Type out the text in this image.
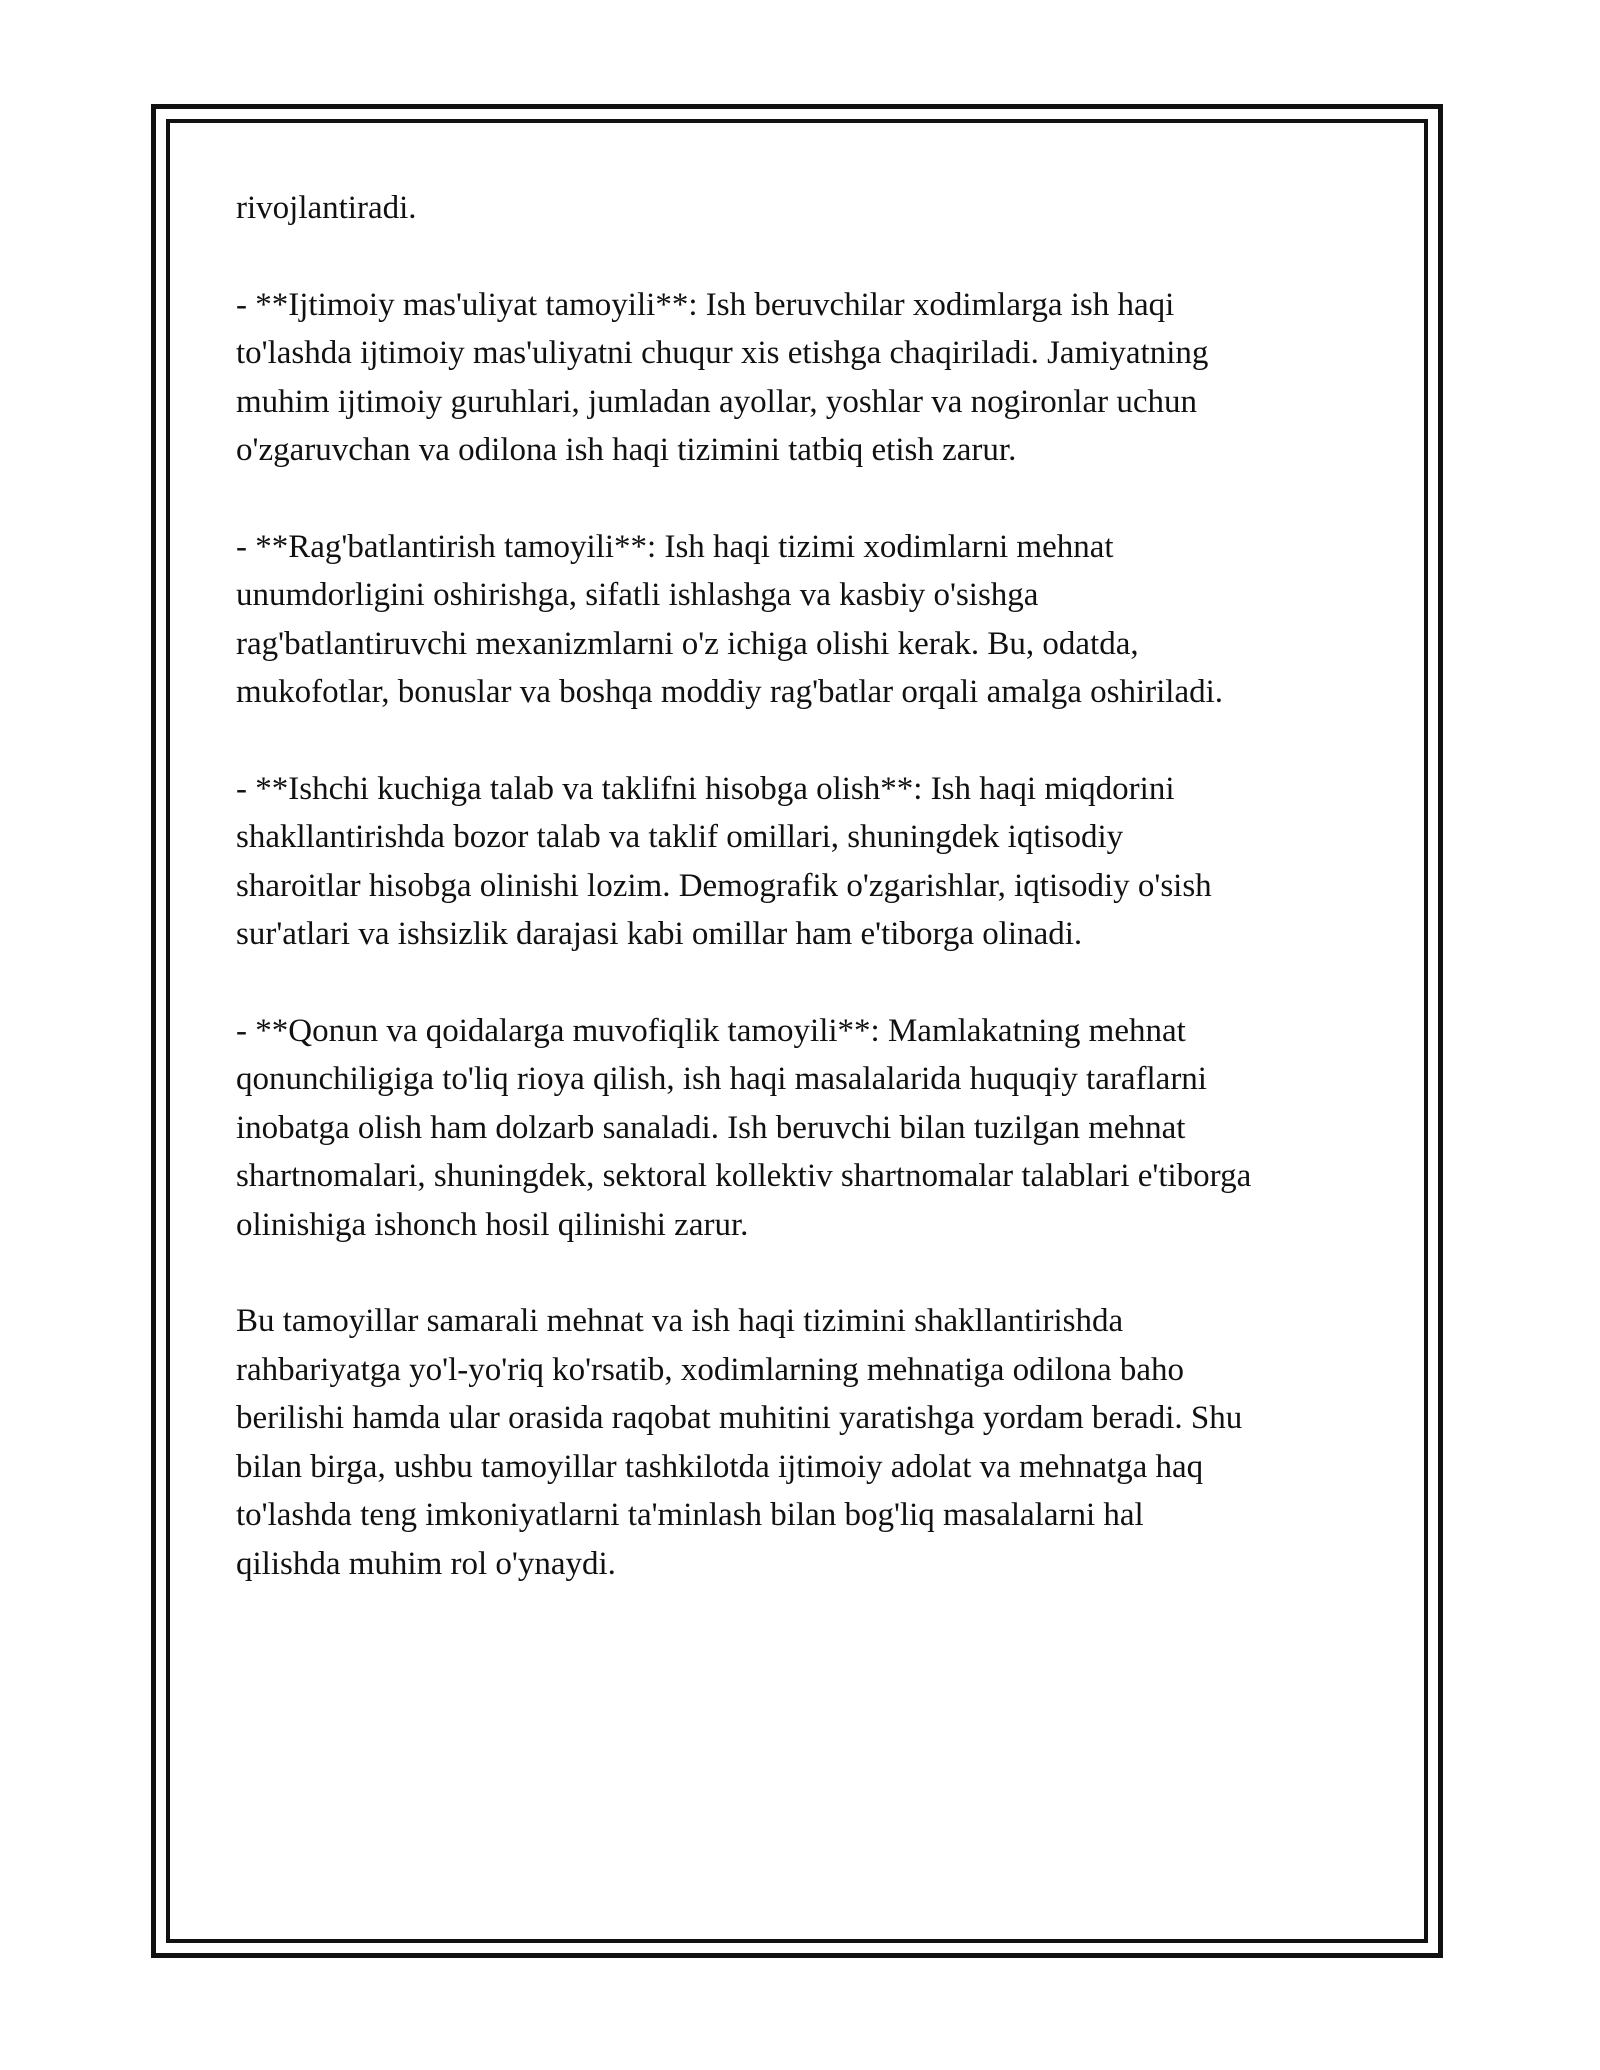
rivojlantiradi.

- **Ijtimoiy mas'uliyat tamoyili**: Ish beruvchilar xodimlarga ish haqi
to'lashda ijtimoiy mas'uliyatni chuqur xis etishga chaqiriladi. Jamiyatning
muhim ijtimoiy guruhlari, jumladan ayollar, yoshlar va nogironlar uchun
o'zgaruvchan va odilona ish haqi tizimini tatbiq etish zarur.

- **Rag'batlantirish tamoyili**: Ish haqi tizimi xodimlarni mehnat
unumdorligini oshirishga, sifatli ishlashga va kasbiy o'sishga
rag'batlantiruvchi mexanizmlarni o'z ichiga olishi kerak. Bu, odatda,
mukofotlar, bonuslar va boshqa moddiy rag'batlar orqali amalga oshiriladi.

- **Ishchi kuchiga talab va taklifni hisobga olish**: Ish haqi miqdorini
shakllantirishda bozor talab va taklif omillari, shuningdek iqtisodiy
sharoitlar hisobga olinishi lozim. Demografik o'zgarishlar, iqtisodiy o'sish
sur'atlari va ishsizlik darajasi kabi omillar ham e'tiborga olinadi.

- **Qonun va qoidalarga muvofiqlik tamoyili**: Mamlakatning mehnat
qonunchiligiga to'liq rioya qilish, ish haqi masalalarida huquqiy taraflarni
inobatga olish ham dolzarb sanaladi. Ish beruvchi bilan tuzilgan mehnat
shartnomalari, shuningdek, sektoral kollektiv shartnomalar talablari e'tiborga
olinishiga ishonch hosil qilinishi zarur.

Bu tamoyillar samarali mehnat va ish haqi tizimini shakllantirishda
rahbariyatga yo'l-yo'riq ko'rsatib, xodimlarning mehnatiga odilona baho
berilishi hamda ular orasida raqobat muhitini yaratishga yordam beradi. Shu
bilan birga, ushbu tamoyillar tashkilotda ijtimoiy adolat va mehnatga haq
to'lashda teng imkoniyatlarni ta'minlash bilan bog'liq masalalarni hal
qilishda muhim rol o'ynaydi.
